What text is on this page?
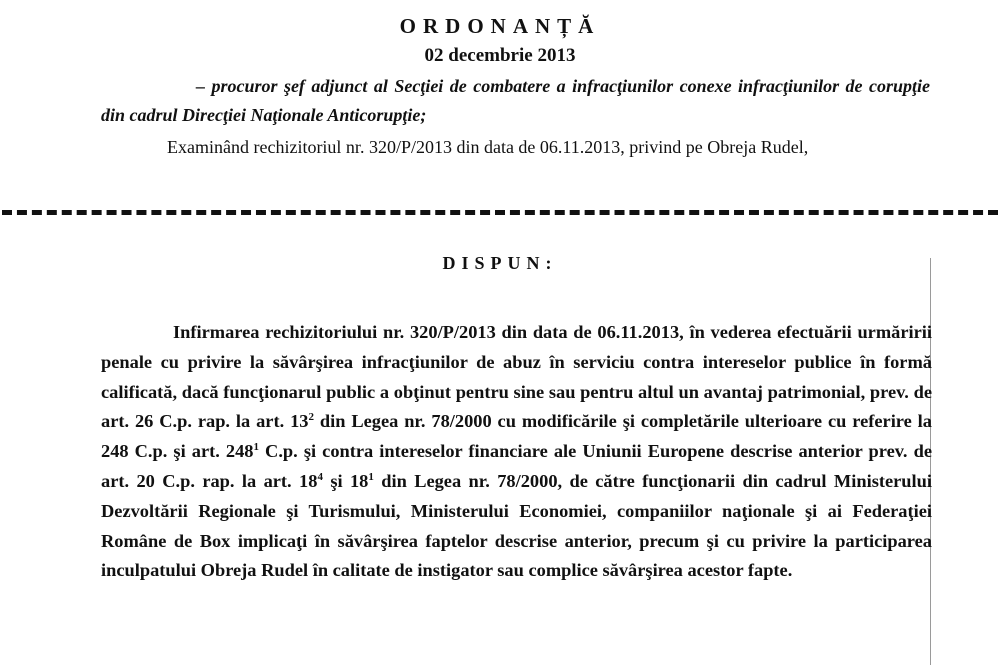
ORDONANȚĂ
02 decembrie 2013
– procuror şef adjunct al Secţiei de combatere a infracţiunilor conexe infracţiunilor de corupţie din cadrul Direcţiei Naţionale Anticorupţie;
Examinând rechizitoriul nr. 320/P/2013 din data de 06.11.2013, privind pe Obreja Rudel,
DISPUN:
Infirmarea rechizitoriului nr. 320/P/2013 din data de 06.11.2013, în vederea efectuării urmăririi penale cu privire la săvârşirea infracţiunilor de abuz în serviciu contra intereselor publice în formă calificată, dacă funcţionarul public a obţinut pentru sine sau pentru altul un avantaj patrimonial, prev. de art. 26 C.p. rap. la art. $13^2$ din Legea nr. 78/2000 cu modificările şi completările ulterioare cu referire la 248 C.p. şi art. $248^1$ C.p. şi contra intereselor financiare ale Uniunii Europene descrise anterior prev. de art. 20 C.p. rap. la art. $18^4$ şi $18^1$ din Legea nr. 78/2000, de către funcţionarii din cadrul Ministerului Dezvoltării Regionale şi Turismului, Ministerului Economiei, companiilor naţionale şi ai Federaţiei Române de Box implicaţi în săvârşirea faptelor descrise anterior, precum şi cu privire la participarea inculpatului Obreja Rudel în calitate de instigator sau complice săvârşirea acestor fapte.
